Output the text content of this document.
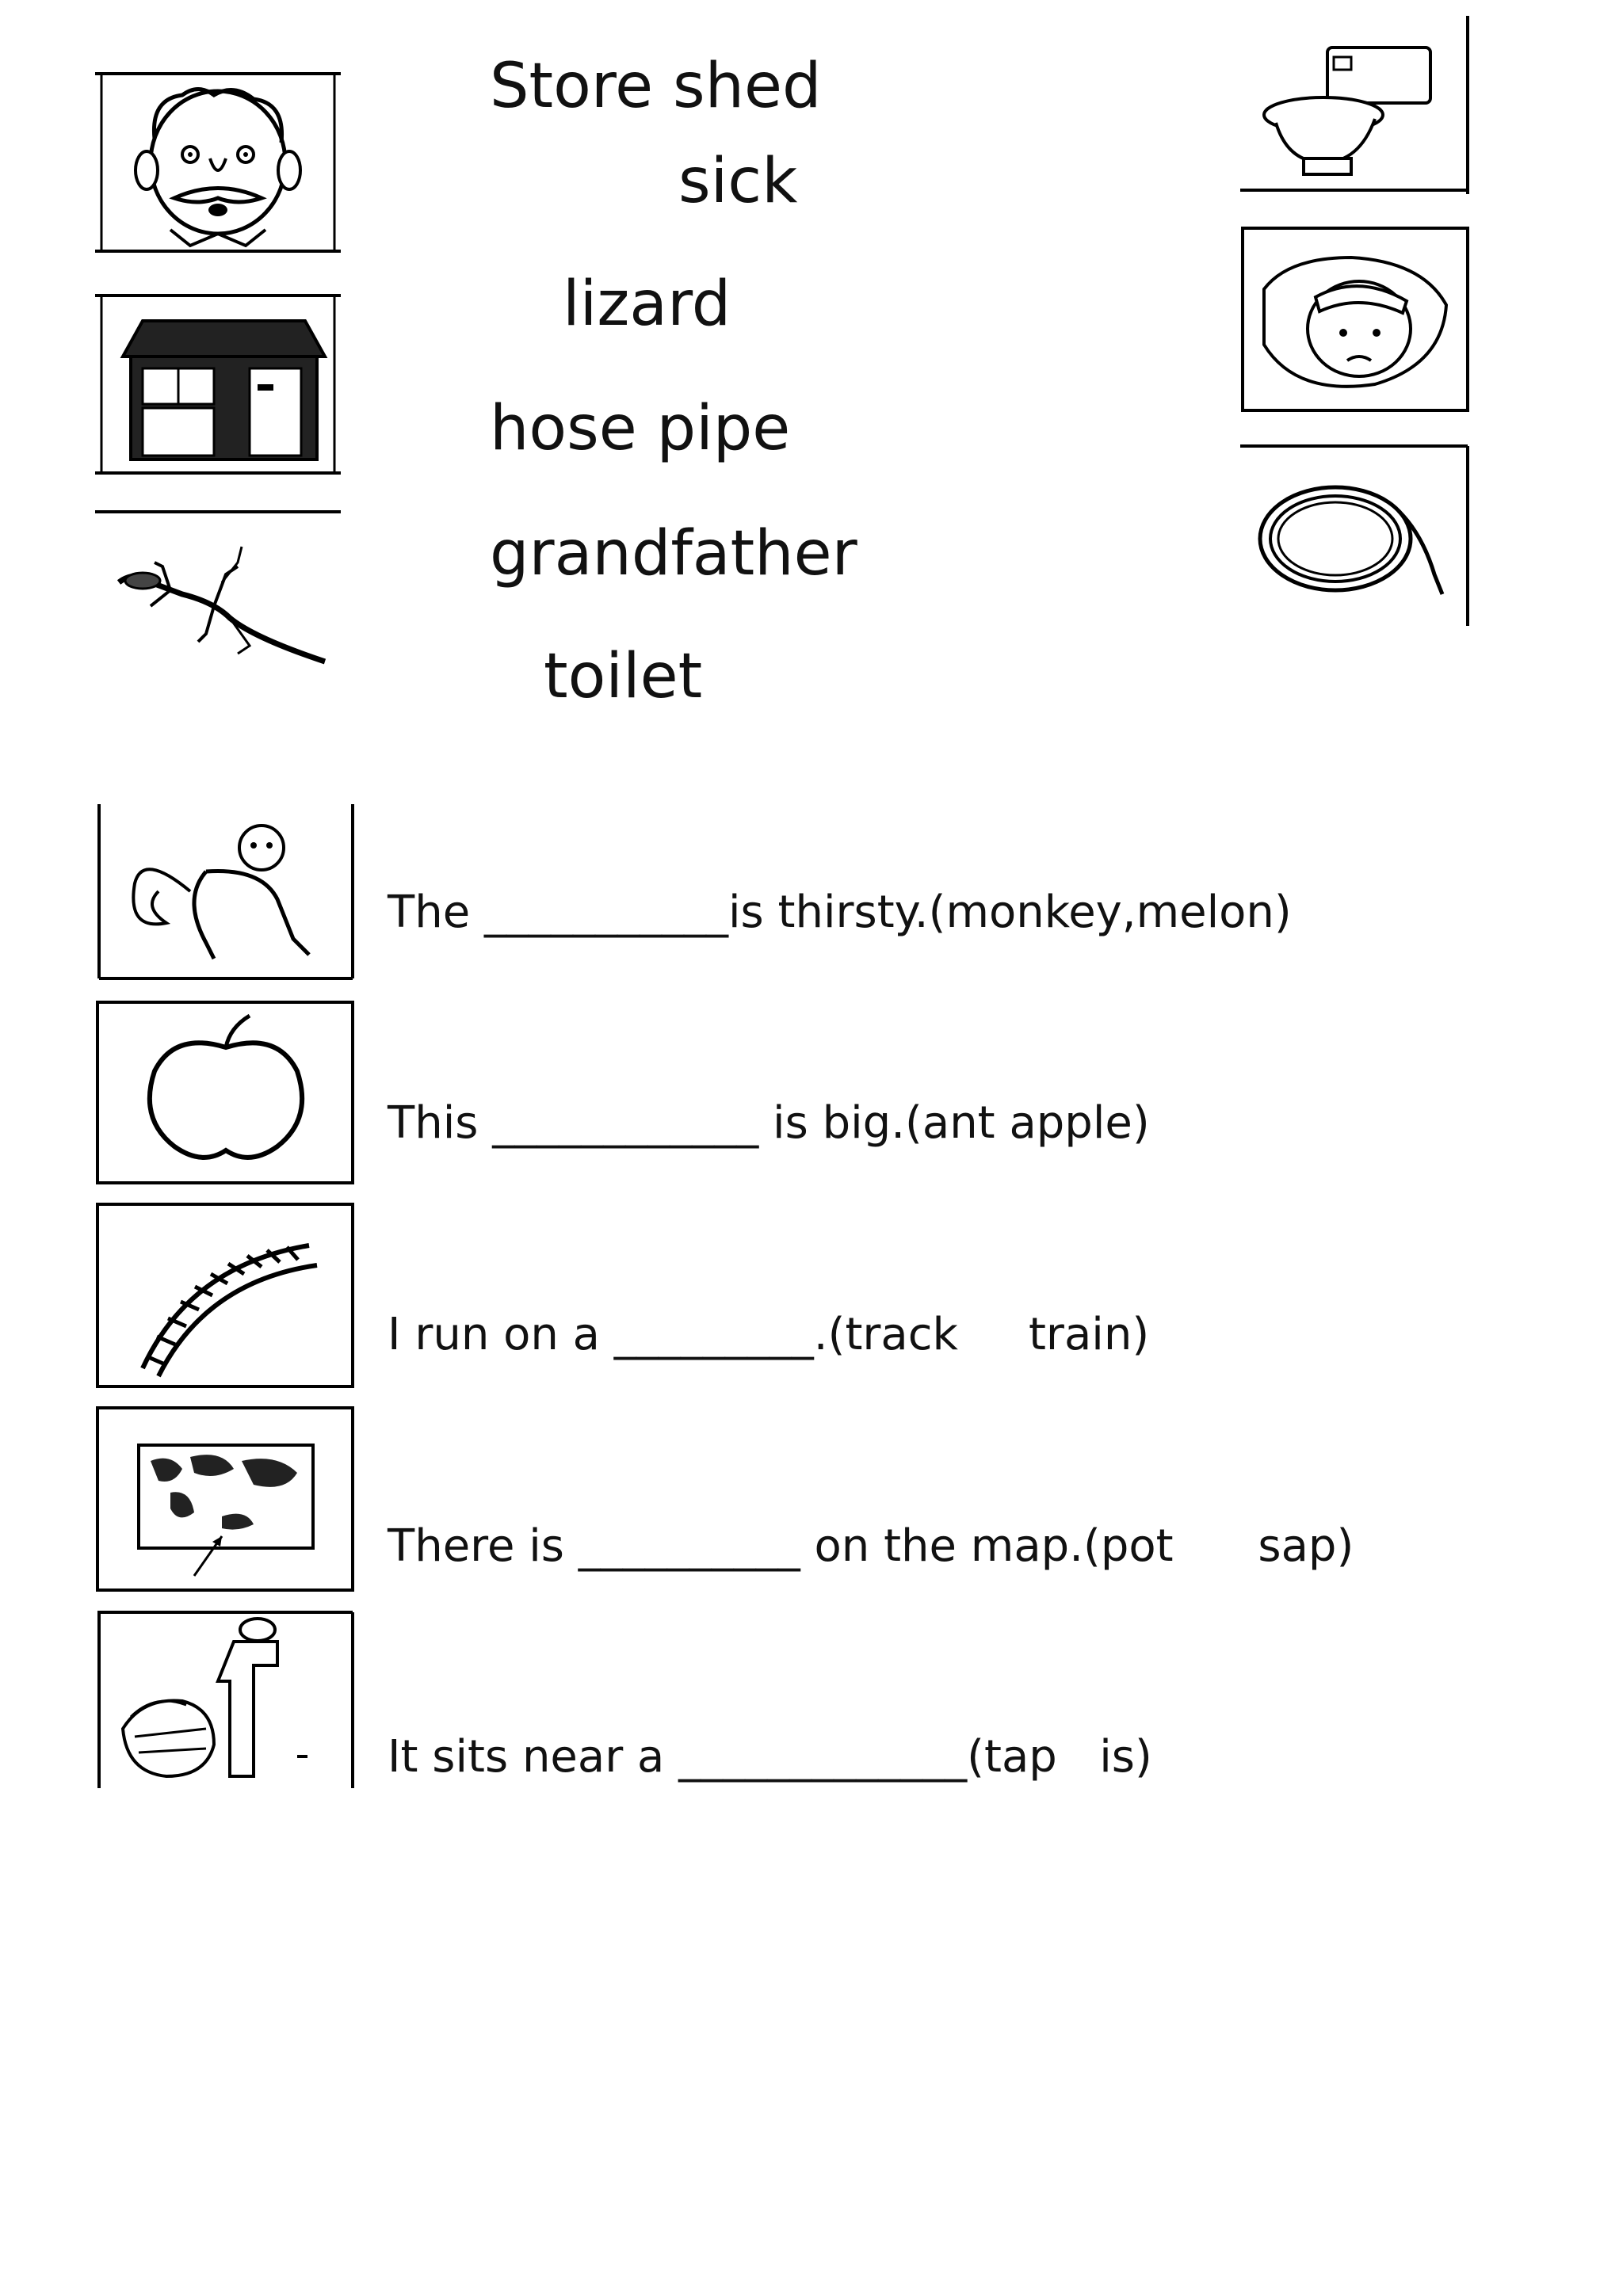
Store shed
sick
lizard
hose pipe
grandfather
toilet
The ___________is thirsty.(monkey,melon)
This ____________ is big.(ant apple)
I run on a _________.(track     train)
There is __________ on the map.(pot      sap)
It sits near a _____________(tap   is)
